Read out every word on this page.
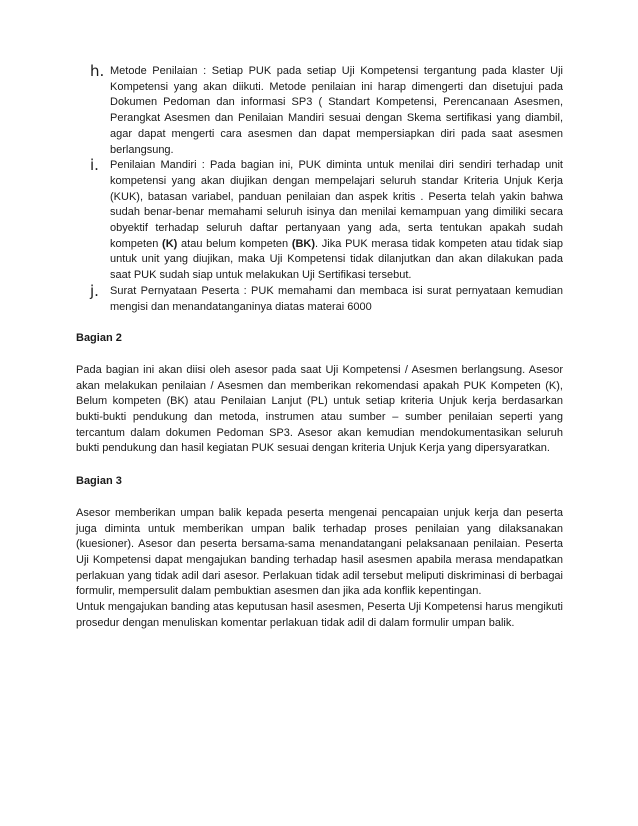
h. Metode Penilaian : Setiap PUK pada setiap Uji Kompetensi tergantung pada klaster Uji Kompetensi yang akan diikuti. Metode penilaian ini harap dimengerti dan disetujui pada Dokumen Pedoman dan informasi SP3 ( Standart Kompetensi, Perencanaan Asesmen, Perangkat Asesmen dan Penilaian Mandiri sesuai dengan Skema sertifikasi yang diambil, agar dapat mengerti cara asesmen dan dapat mempersiapkan diri pada saat asesmen berlangsung.
i. Penilaian Mandiri : Pada bagian ini, PUK diminta untuk menilai diri sendiri terhadap unit kompetensi yang akan diujikan dengan mempelajari seluruh standar Kriteria Unjuk Kerja (KUK), batasan variabel, panduan penilaian dan aspek kritis . Peserta telah yakin bahwa sudah benar-benar memahami seluruh isinya dan menilai kemampuan yang dimiliki secara obyektif terhadap seluruh daftar pertanyaan yang ada, serta tentukan apakah sudah kompeten (K) atau belum kompeten (BK). Jika PUK merasa tidak kompeten atau tidak siap untuk unit yang diujikan, maka Uji Kompetensi tidak dilanjutkan dan akan dilakukan pada saat PUK sudah siap untuk melakukan Uji Sertifikasi tersebut.
j. Surat Pernyataan Peserta : PUK memahami dan membaca isi surat pernyataan kemudian mengisi dan menandatanganinya diatas materai 6000
Bagian 2

Pada bagian ini akan diisi oleh asesor pada saat Uji Kompetensi / Asesmen berlangsung. Asesor akan melakukan penilaian / Asesmen dan memberikan rekomendasi apakah PUK Kompeten (K), Belum kompeten (BK) atau Penilaian Lanjut (PL) untuk setiap kriteria Unjuk kerja berdasarkan bukti-bukti pendukung dan metoda, instrumen atau sumber – sumber penilaian seperti yang tercantum dalam dokumen Pedoman SP3. Asesor akan kemudian mendokumentasikan seluruh bukti pendukung dan hasil kegiatan PUK sesuai dengan kriteria Unjuk Kerja yang dipersyaratkan.

Bagian 3

Asesor memberikan umpan balik kepada peserta mengenai pencapaian unjuk kerja dan peserta juga diminta untuk memberikan umpan balik terhadap proses penilaian yang dilaksanakan (kuesioner). Asesor dan peserta bersama-sama menandatangani pelaksanaan penilaian. Peserta Uji Kompetensi dapat mengajukan banding terhadap hasil asesmen apabila merasa mendapatkan perlakuan yang tidak adil dari asesor. Perlakuan tidak adil tersebut meliputi diskriminasi di berbagai formulir, mempersulit dalam pembuktian asesmen dan jika ada konflik kepentingan.

Untuk mengajukan banding atas keputusan hasil asesmen, Peserta Uji Kompetensi harus mengikuti prosedur dengan menuliskan komentar perlakuan tidak adil di dalam formulir umpan balik.
